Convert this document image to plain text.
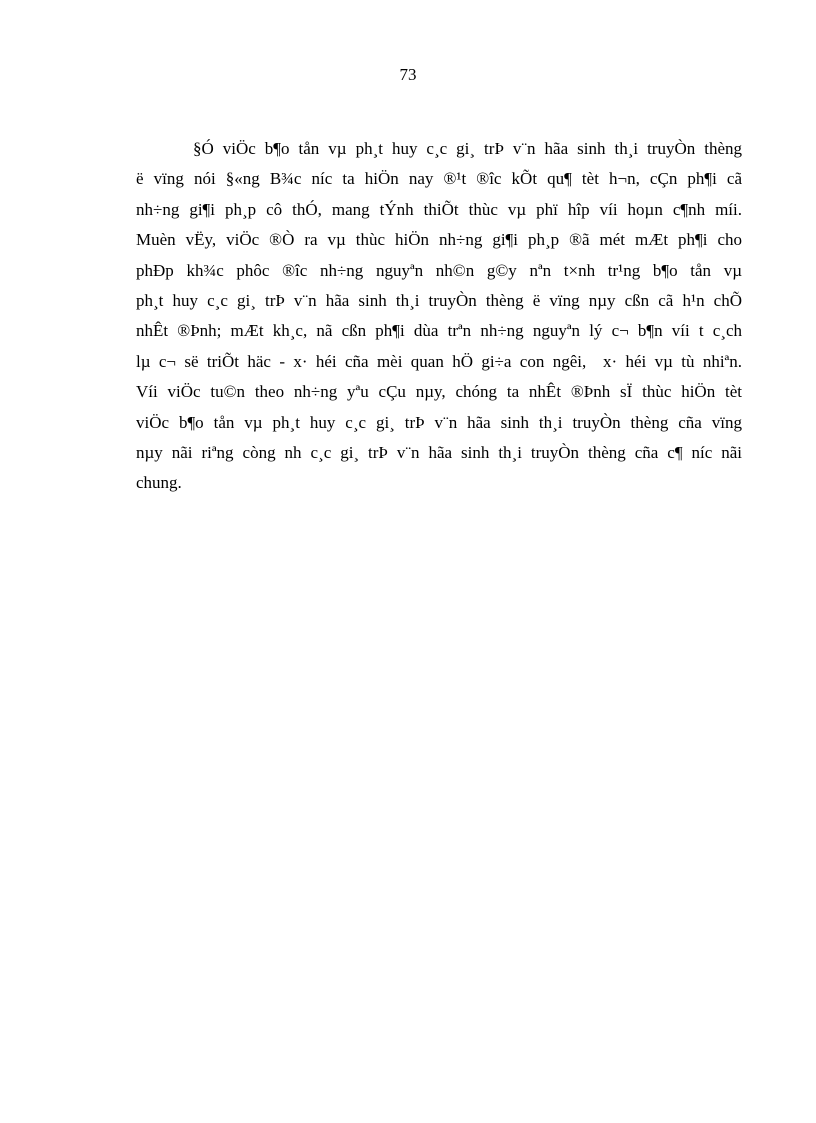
73
§Ó viÖc b¶o tån vµ ph¸t huy c¸c gi¸ trÞ v¨n hãa sinh th¸i truyÒn thèng
ë vïng nói §«ng B¾c níc ta hiÖn nay ®¹t ®îc kÕt qu¶ tèt h¬n, cÇn ph¶i cã
nh÷ng gi¶i ph¸p cô thÓ, mang tÝnh thiÕt thùc vµ phï hîp víi hoµn c¶nh míi.
Muèn vËy, viÖc ®Ò ra vµ thùc hiÖn nh÷ng gi¶i ph¸p ®ã mét mÆt ph¶i cho
phÐp kh¾c phôc ®îc nh÷ng nguyªn nh©n g©y nªn t×nh tr¹ng b¶o tån vµ
ph¸t huy c¸c gi¸ trÞ v¨n hãa sinh th¸i truyÒn thèng ë vïng nµy cßn cã h¹n chÕ
nhÊt ®Þnh; mÆt kh¸c, nã cßn ph¶i dùa trªn nh÷ng nguyªn lý c¬ b¶n víi t c¸ch
lµ c¬ së triÕt häc - x· héi cña mèi quan hÖ gi÷a con ngêi,  x· héi vµ tù nhiªn.
Víi viÖc tu©n theo nh÷ng yªu cÇu nµy, chóng ta nhÊt ®Þnh sÏ thùc hiÖn tèt
viÖc b¶o tån vµ ph¸t huy c¸c gi¸ trÞ v¨n hãa sinh th¸i truyÒn thèng cña vïng
nµy nãi riªng còng nh c¸c gi¸ trÞ v¨n hãa sinh th¸i truyÒn thèng cña c¶ níc nãi
chung.
